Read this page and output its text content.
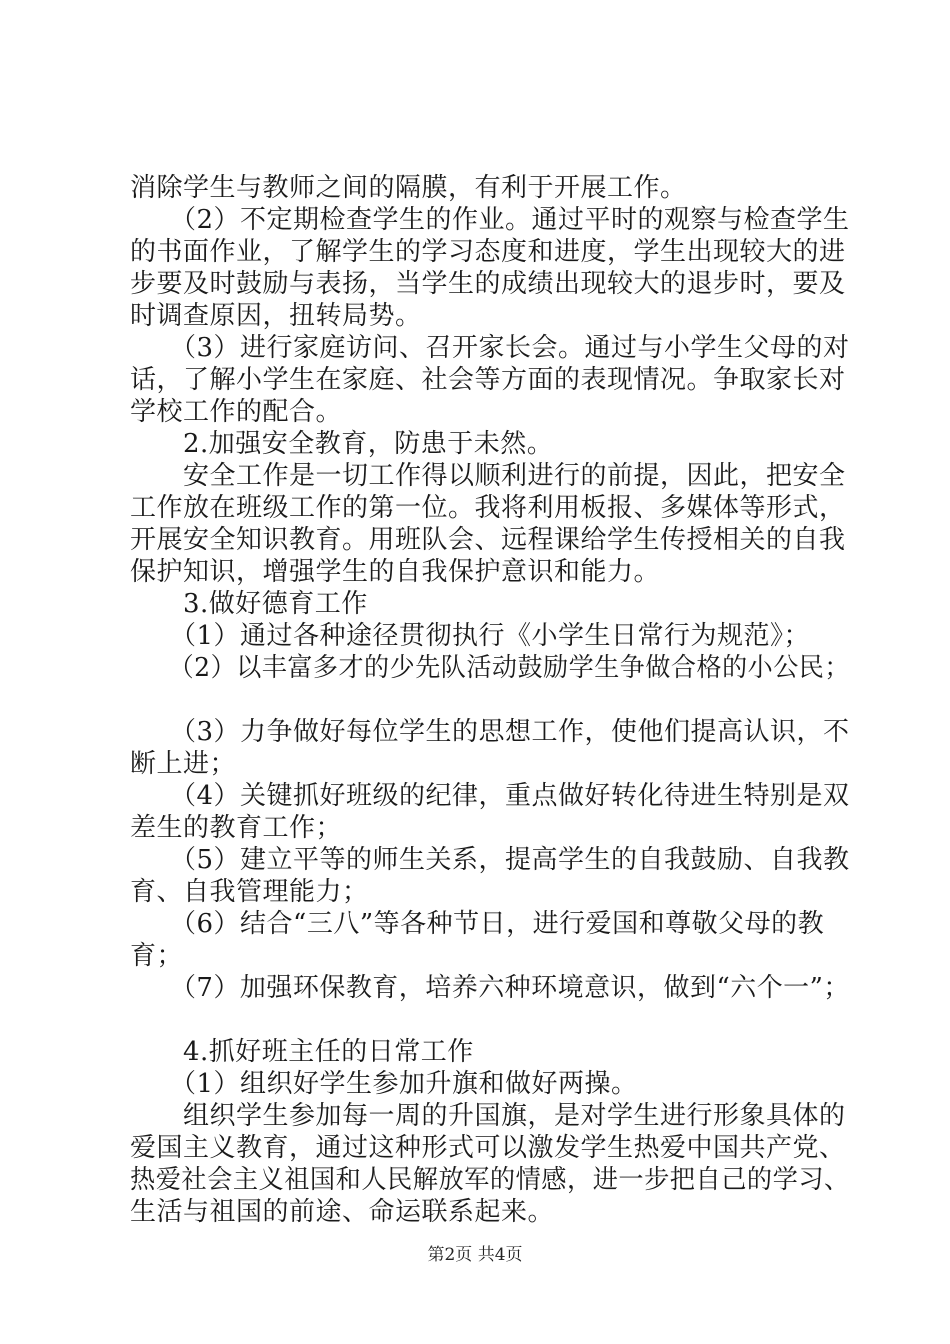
消除学生与教师之间的隔膜，有利于开展工作。
　　（2）不定期检查学生的作业。通过平时的观察与检查学生
的书面作业，了解学生的学习态度和进度，学生出现较大的进
步要及时鼓励与表扬，当学生的成绩出现较大的退步时，要及
时调查原因，扭转局势。
　　（3）进行家庭访问、召开家长会。通过与小学生父母的对
话，了解小学生在家庭、社会等方面的表现情况。争取家长对
学校工作的配合。
　　2.加强安全教育，防患于未然。
　　安全工作是一切工作得以顺利进行的前提，因此，把安全
工作放在班级工作的第一位。我将利用板报、多媒体等形式，
开展安全知识教育。用班队会、远程课给学生传授相关的自我
保护知识，增强学生的自我保护意识和能力。
　　3.做好德育工作
　　（1）通过各种途径贯彻执行《小学生日常行为规范》；
　　（2）以丰富多才的少先队活动鼓励学生争做合格的小公民；
　　（3）力争做好每位学生的思想工作，使他们提高认识，不
断上进；
　　（4）关键抓好班级的纪律，重点做好转化待进生特别是双
差生的教育工作；
　　（5）建立平等的师生关系，提高学生的自我鼓励、自我教
育、自我管理能力；
　　（6）结合“三八”等各种节日，进行爱国和尊敬父母的教
育；
　　（7）加强环保教育，培养六种环境意识，做到“六个一”；
　　4.抓好班主任的日常工作
　　（1）组织好学生参加升旗和做好两操。
　　组织学生参加每一周的升国旗，是对学生进行形象具体的
爱国主义教育，通过这种形式可以激发学生热爱中国共产党、
热爱社会主义祖国和人民解放军的情感，进一步把自己的学习、
生活与祖国的前途、命运联系起来。
第2页 共4页
